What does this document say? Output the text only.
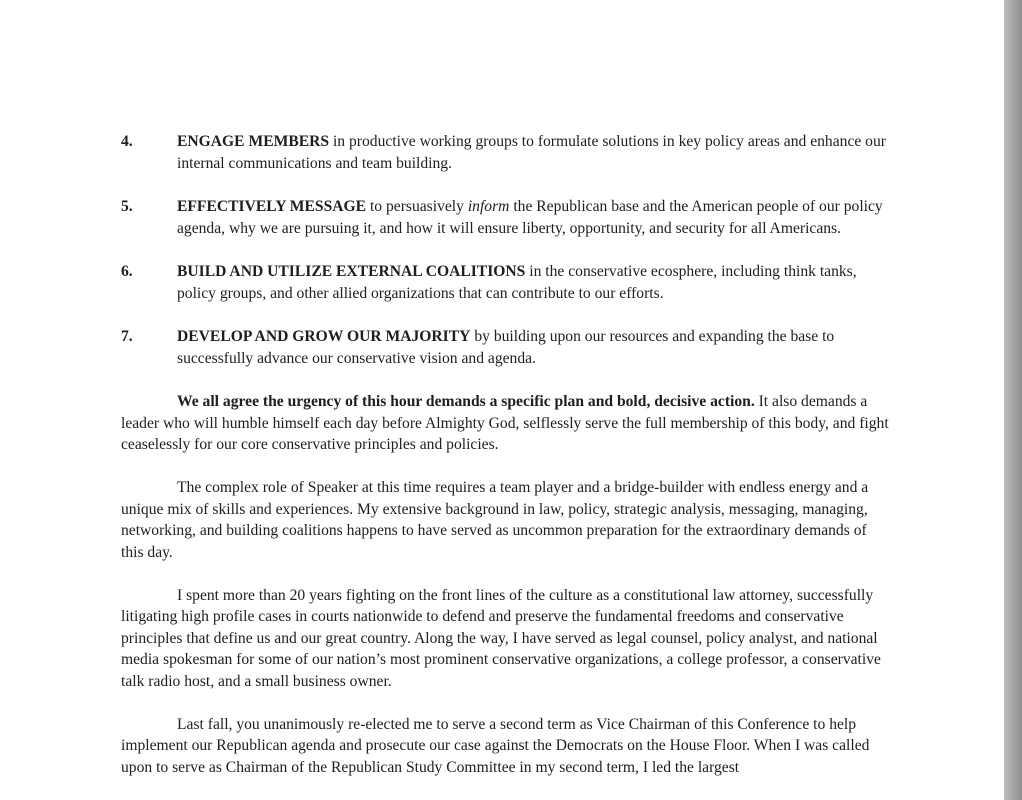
4.	ENGAGE MEMBERS in productive working groups to formulate solutions in key policy areas and enhance our internal communications and team building.
5.	EFFECTIVELY MESSAGE to persuasively inform the Republican base and the American people of our policy agenda, why we are pursuing it, and how it will ensure liberty, opportunity, and security for all Americans.
6.	BUILD AND UTILIZE EXTERNAL COALITIONS in the conservative ecosphere, including think tanks, policy groups, and other allied organizations that can contribute to our efforts.
7.	DEVELOP AND GROW OUR MAJORITY by building upon our resources and expanding the base to successfully advance our conservative vision and agenda.

We all agree the urgency of this hour demands a specific plan and bold, decisive action. It also demands a leader who will humble himself each day before Almighty God, selflessly serve the full membership of this body, and fight ceaselessly for our core conservative principles and policies.

The complex role of Speaker at this time requires a team player and a bridge-builder with endless energy and a unique mix of skills and experiences. My extensive background in law, policy, strategic analysis, messaging, managing, networking, and building coalitions happens to have served as uncommon preparation for the extraordinary demands of this day.

I spent more than 20 years fighting on the front lines of the culture as a constitutional law attorney, successfully litigating high profile cases in courts nationwide to defend and preserve the fundamental freedoms and conservative principles that define us and our great country. Along the way, I have served as legal counsel, policy analyst, and national media spokesman for some of our nation’s most prominent conservative organizations, a college professor, a conservative talk radio host, and a small business owner.

Last fall, you unanimously re-elected me to serve a second term as Vice Chairman of this Conference to help implement our Republican agenda and prosecute our case against the Democrats on the House Floor. When I was called upon to serve as Chairman of the Republican Study Committee in my second term, I led the largest
